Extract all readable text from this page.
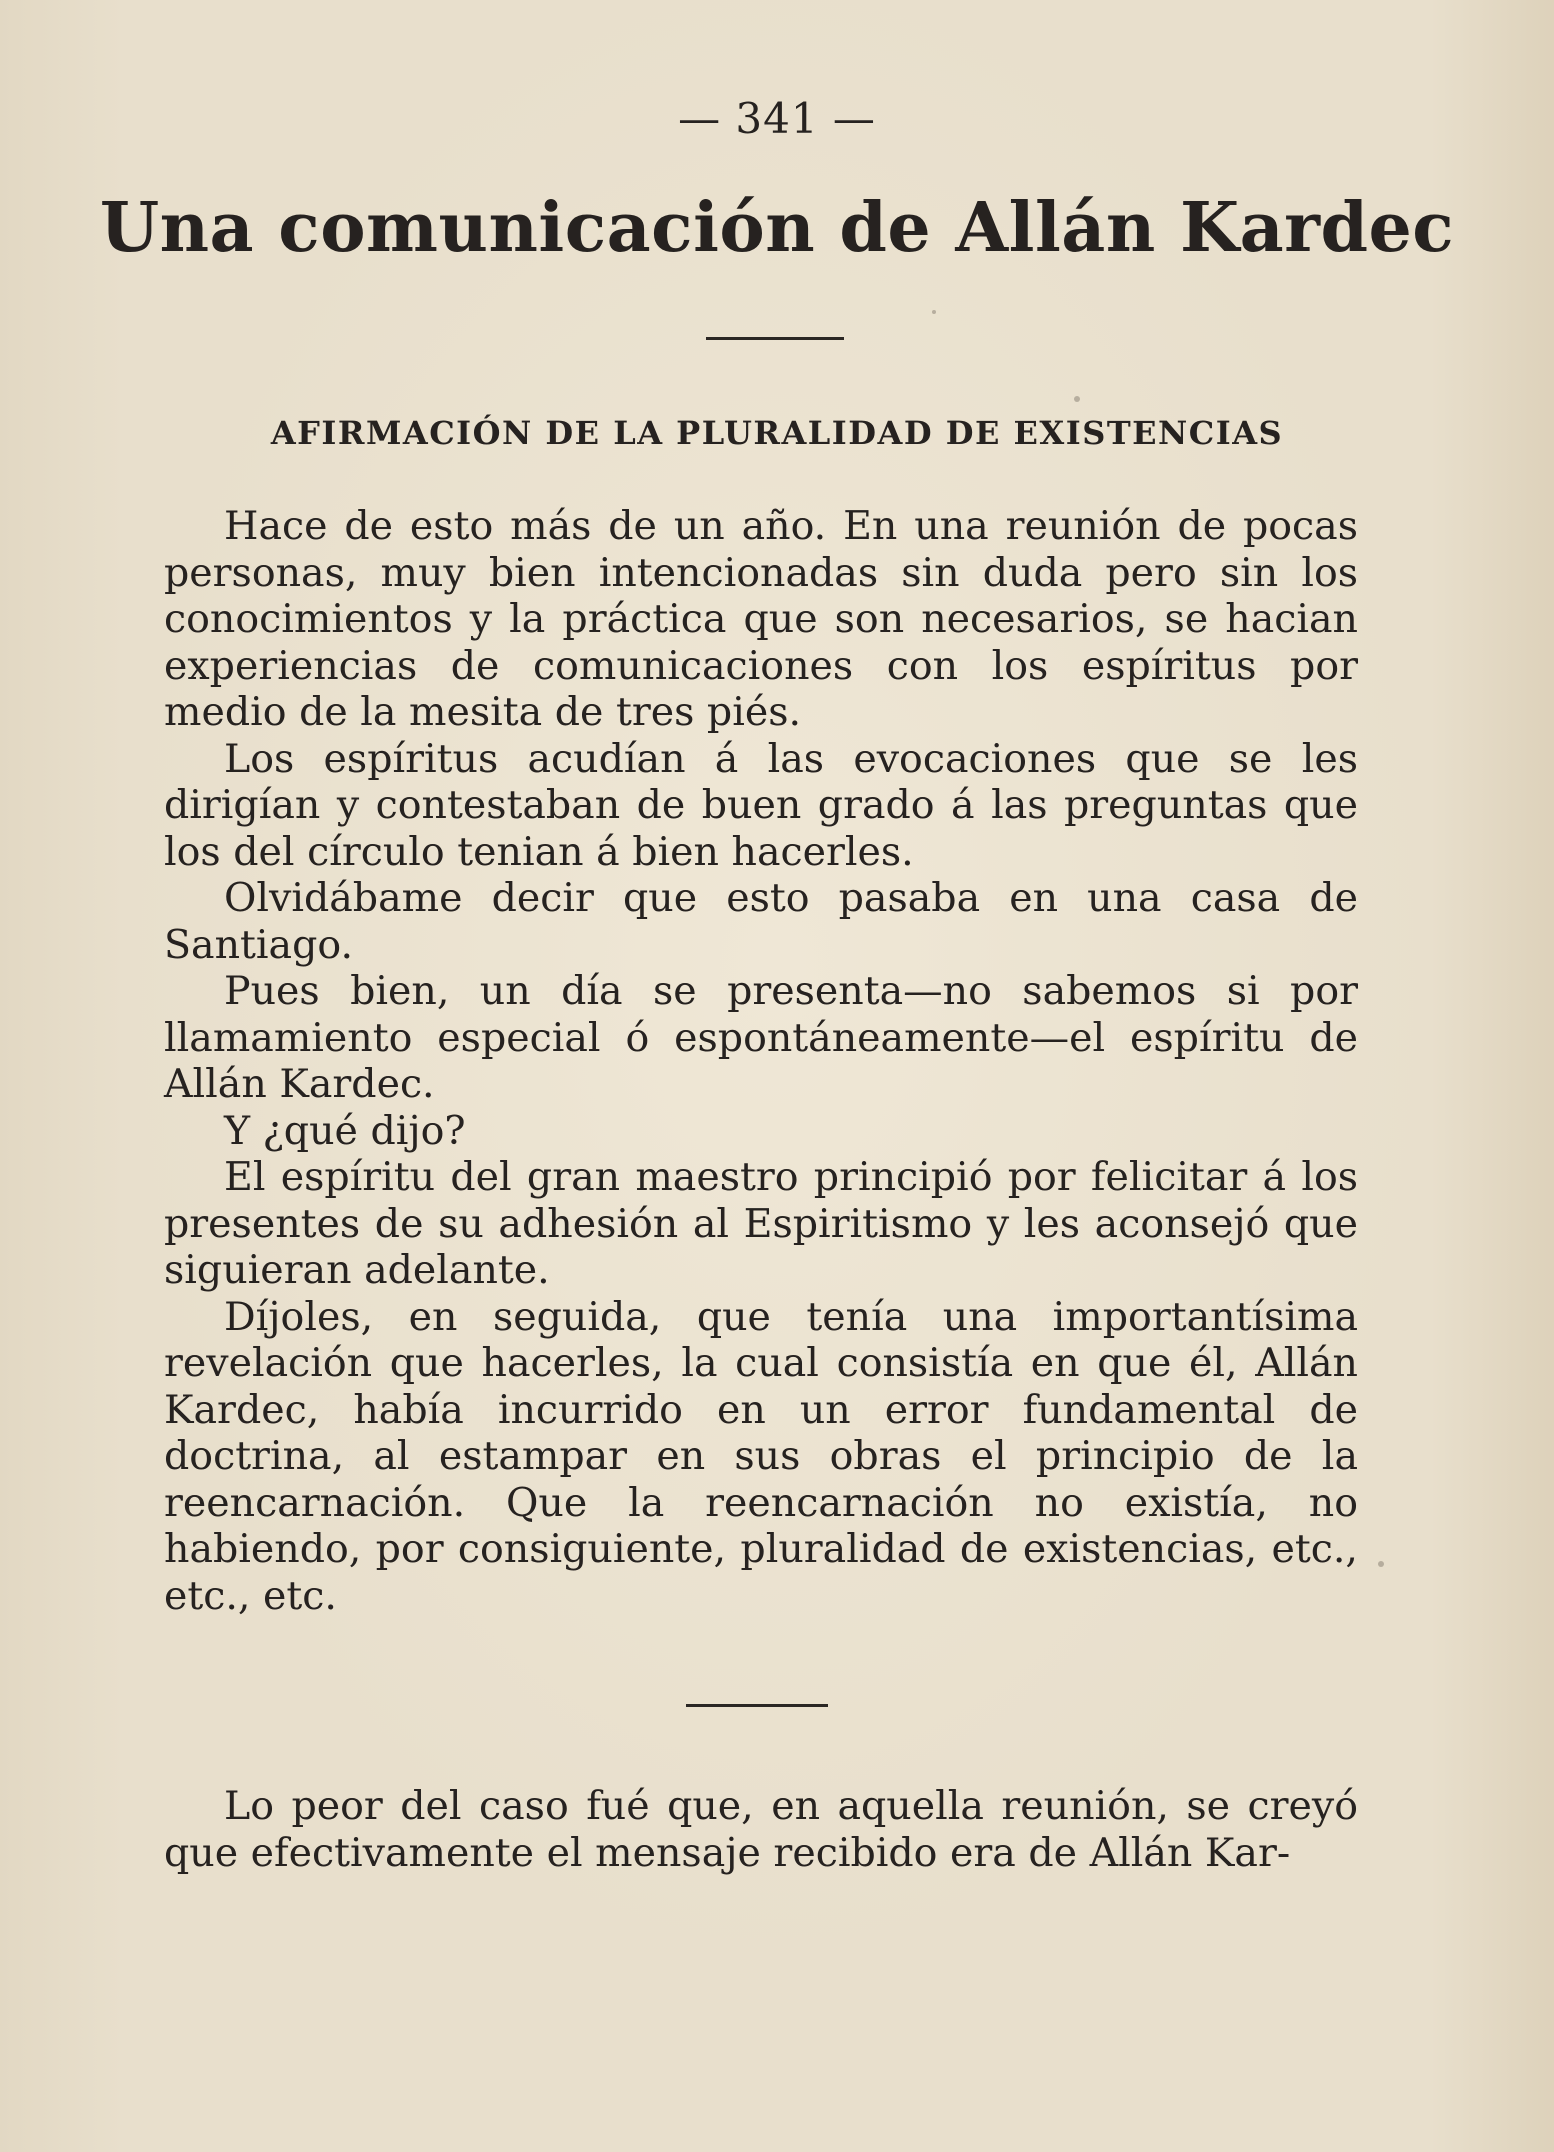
— 341 —
Una comunicación de Allán Kardec
AFIRMACIÓN DE LA PLURALIDAD DE EXISTENCIAS

Hace de esto más de un año. En una reunión de pocas personas, muy bien intencionadas sin duda pero sin los conocimientos y la práctica que son necesarios, se hacian experiencias de comunicaciones con los espíritus por medio de la mesita de tres piés.

Los espíritus acudían á las evocaciones que se les dirigían y contestaban de buen grado á las preguntas que los del círculo tenian á bien hacerles.

Olvidábame decir que esto pasaba en una casa de Santiago.

Pues bien, un día se presenta—no sabemos si por llamamiento especial ó espontáneamente—el espíritu de Allán Kardec.

Y ¿qué dijo?

El espíritu del gran maestro principió por felicitar á los presentes de su adhesión al Espiritismo y les aconsejó que siguieran adelante.

Díjoles, en seguida, que tenía una importantísima revelación que hacerles, la cual consistía en que él, Allán Kardec, había incurrido en un error fundamental de doctrina, al estampar en sus obras el principio de la reencarnación. Que la reencarnación no existía, no habiendo, por consiguiente, pluralidad de existencias, etc., etc., etc.

Lo peor del caso fué que, en aquella reunión, se creyó que efectivamente el mensaje recibido era de Allán Kar-
